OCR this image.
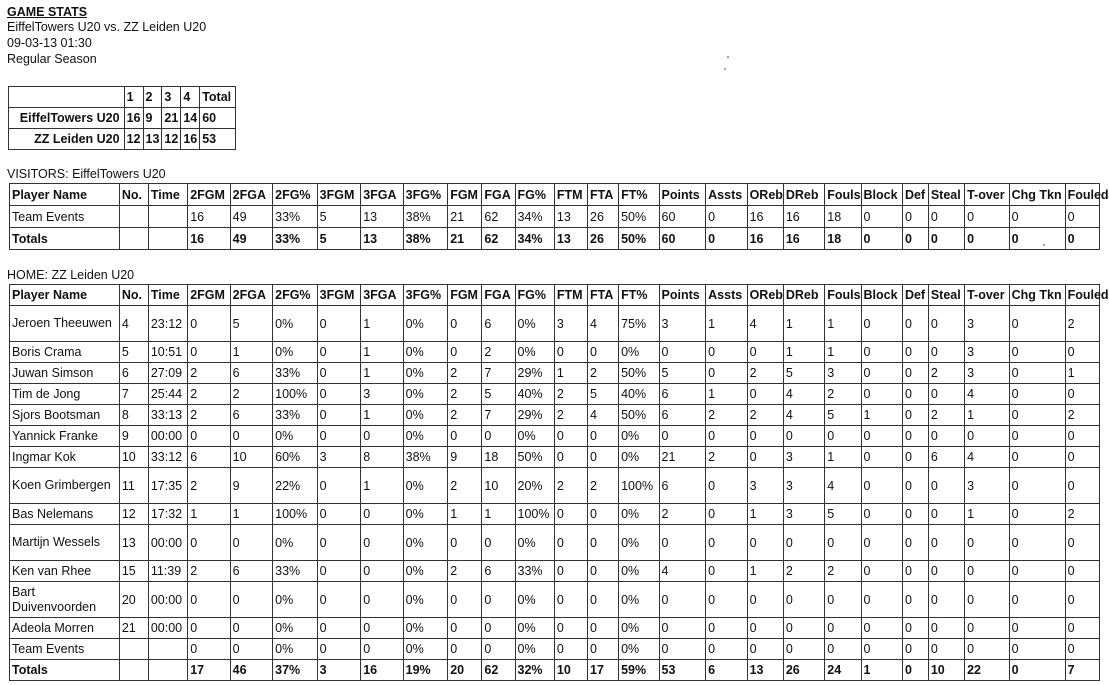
GAME STATS
EiffelTowers U20 vs. ZZ Leiden U20
09-03-13 01:30
Regular Season
	1	2	3	4	Total
EiffelTowers U20	16	9	21	14	60
ZZ Leiden U20	12	13	12	16	53
VISITORS: EiffelTowers U20
Player Name	No.	Time	2FGM	2FGA	2FG%	3FGM	3FGA	3FG%	FGM	FGA	FG%	FTM	FTA	FT%	Points	Assts	OReb	DReb	Fouls	Block	Def	Steal	T-over	Chg Tkn	Fouled
Team Events			16	49	33%	5	13	38%	21	62	34%	13	26	50%	60	0	16	16	18	0	0	0	0	0	0
Totals			16	49	33%	5	13	38%	21	62	34%	13	26	50%	60	0	16	16	18	0	0	0	0	0	0
HOME: ZZ Leiden U20
Player Name	No.	Time	2FGM	2FGA	2FG%	3FGM	3FGA	3FG%	FGM	FGA	FG%	FTM	FTA	FT%	Points	Assts	OReb	DReb	Fouls	Block	Def	Steal	T-over	Chg Tkn	Fouled
Jeroen Theeuwen	4	23:12	0	5	0%	0	1	0%	0	6	0%	3	4	75%	3	1	4	1	1	0	0	0	3	0	2
Boris Crama	5	10:51	0	1	0%	0	1	0%	0	2	0%	0	0	0%	0	0	0	1	1	0	0	0	3	0	0
Juwan Simson	6	27:09	2	6	33%	0	1	0%	2	7	29%	1	2	50%	5	0	2	5	3	0	0	2	3	0	1
Tim de Jong	7	25:44	2	2	100%	0	3	0%	2	5	40%	2	5	40%	6	1	0	4	2	0	0	0	4	0	0
Sjors Bootsman	8	33:13	2	6	33%	0	1	0%	2	7	29%	2	4	50%	6	2	2	4	5	1	0	2	1	0	2
Yannick Franke	9	00:00	0	0	0%	0	0	0%	0	0	0%	0	0	0%	0	0	0	0	0	0	0	0	0	0	0
Ingmar Kok	10	33:12	6	10	60%	3	8	38%	9	18	50%	0	0	0%	21	2	0	3	1	0	0	6	4	0	0
Koen Grimbergen	11	17:35	2	9	22%	0	1	0%	2	10	20%	2	2	100%	6	0	3	3	4	0	0	0	3	0	0
Bas Nelemans	12	17:32	1	1	100%	0	0	0%	1	1	100%	0	0	0%	2	0	1	3	5	0	0	0	1	0	2
Martijn Wessels	13	00:00	0	0	0%	0	0	0%	0	0	0%	0	0	0%	0	0	0	0	0	0	0	0	0	0	0
Ken van Rhee	15	11:39	2	6	33%	0	0	0%	2	6	33%	0	0	0%	4	0	1	2	2	0	0	0	0	0	0
Bart Duivenvoorden	20	00:00	0	0	0%	0	0	0%	0	0	0%	0	0	0%	0	0	0	0	0	0	0	0	0	0	0
Adeola Morren	21	00:00	0	0	0%	0	0	0%	0	0	0%	0	0	0%	0	0	0	0	0	0	0	0	0	0	0
Team Events			0	0	0%	0	0	0%	0	0	0%	0	0	0%	0	0	0	0	0	0	0	0	0	0	0
Totals			17	46	37%	3	16	19%	20	62	32%	10	17	59%	53	6	13	26	24	1	0	10	22	0	7
